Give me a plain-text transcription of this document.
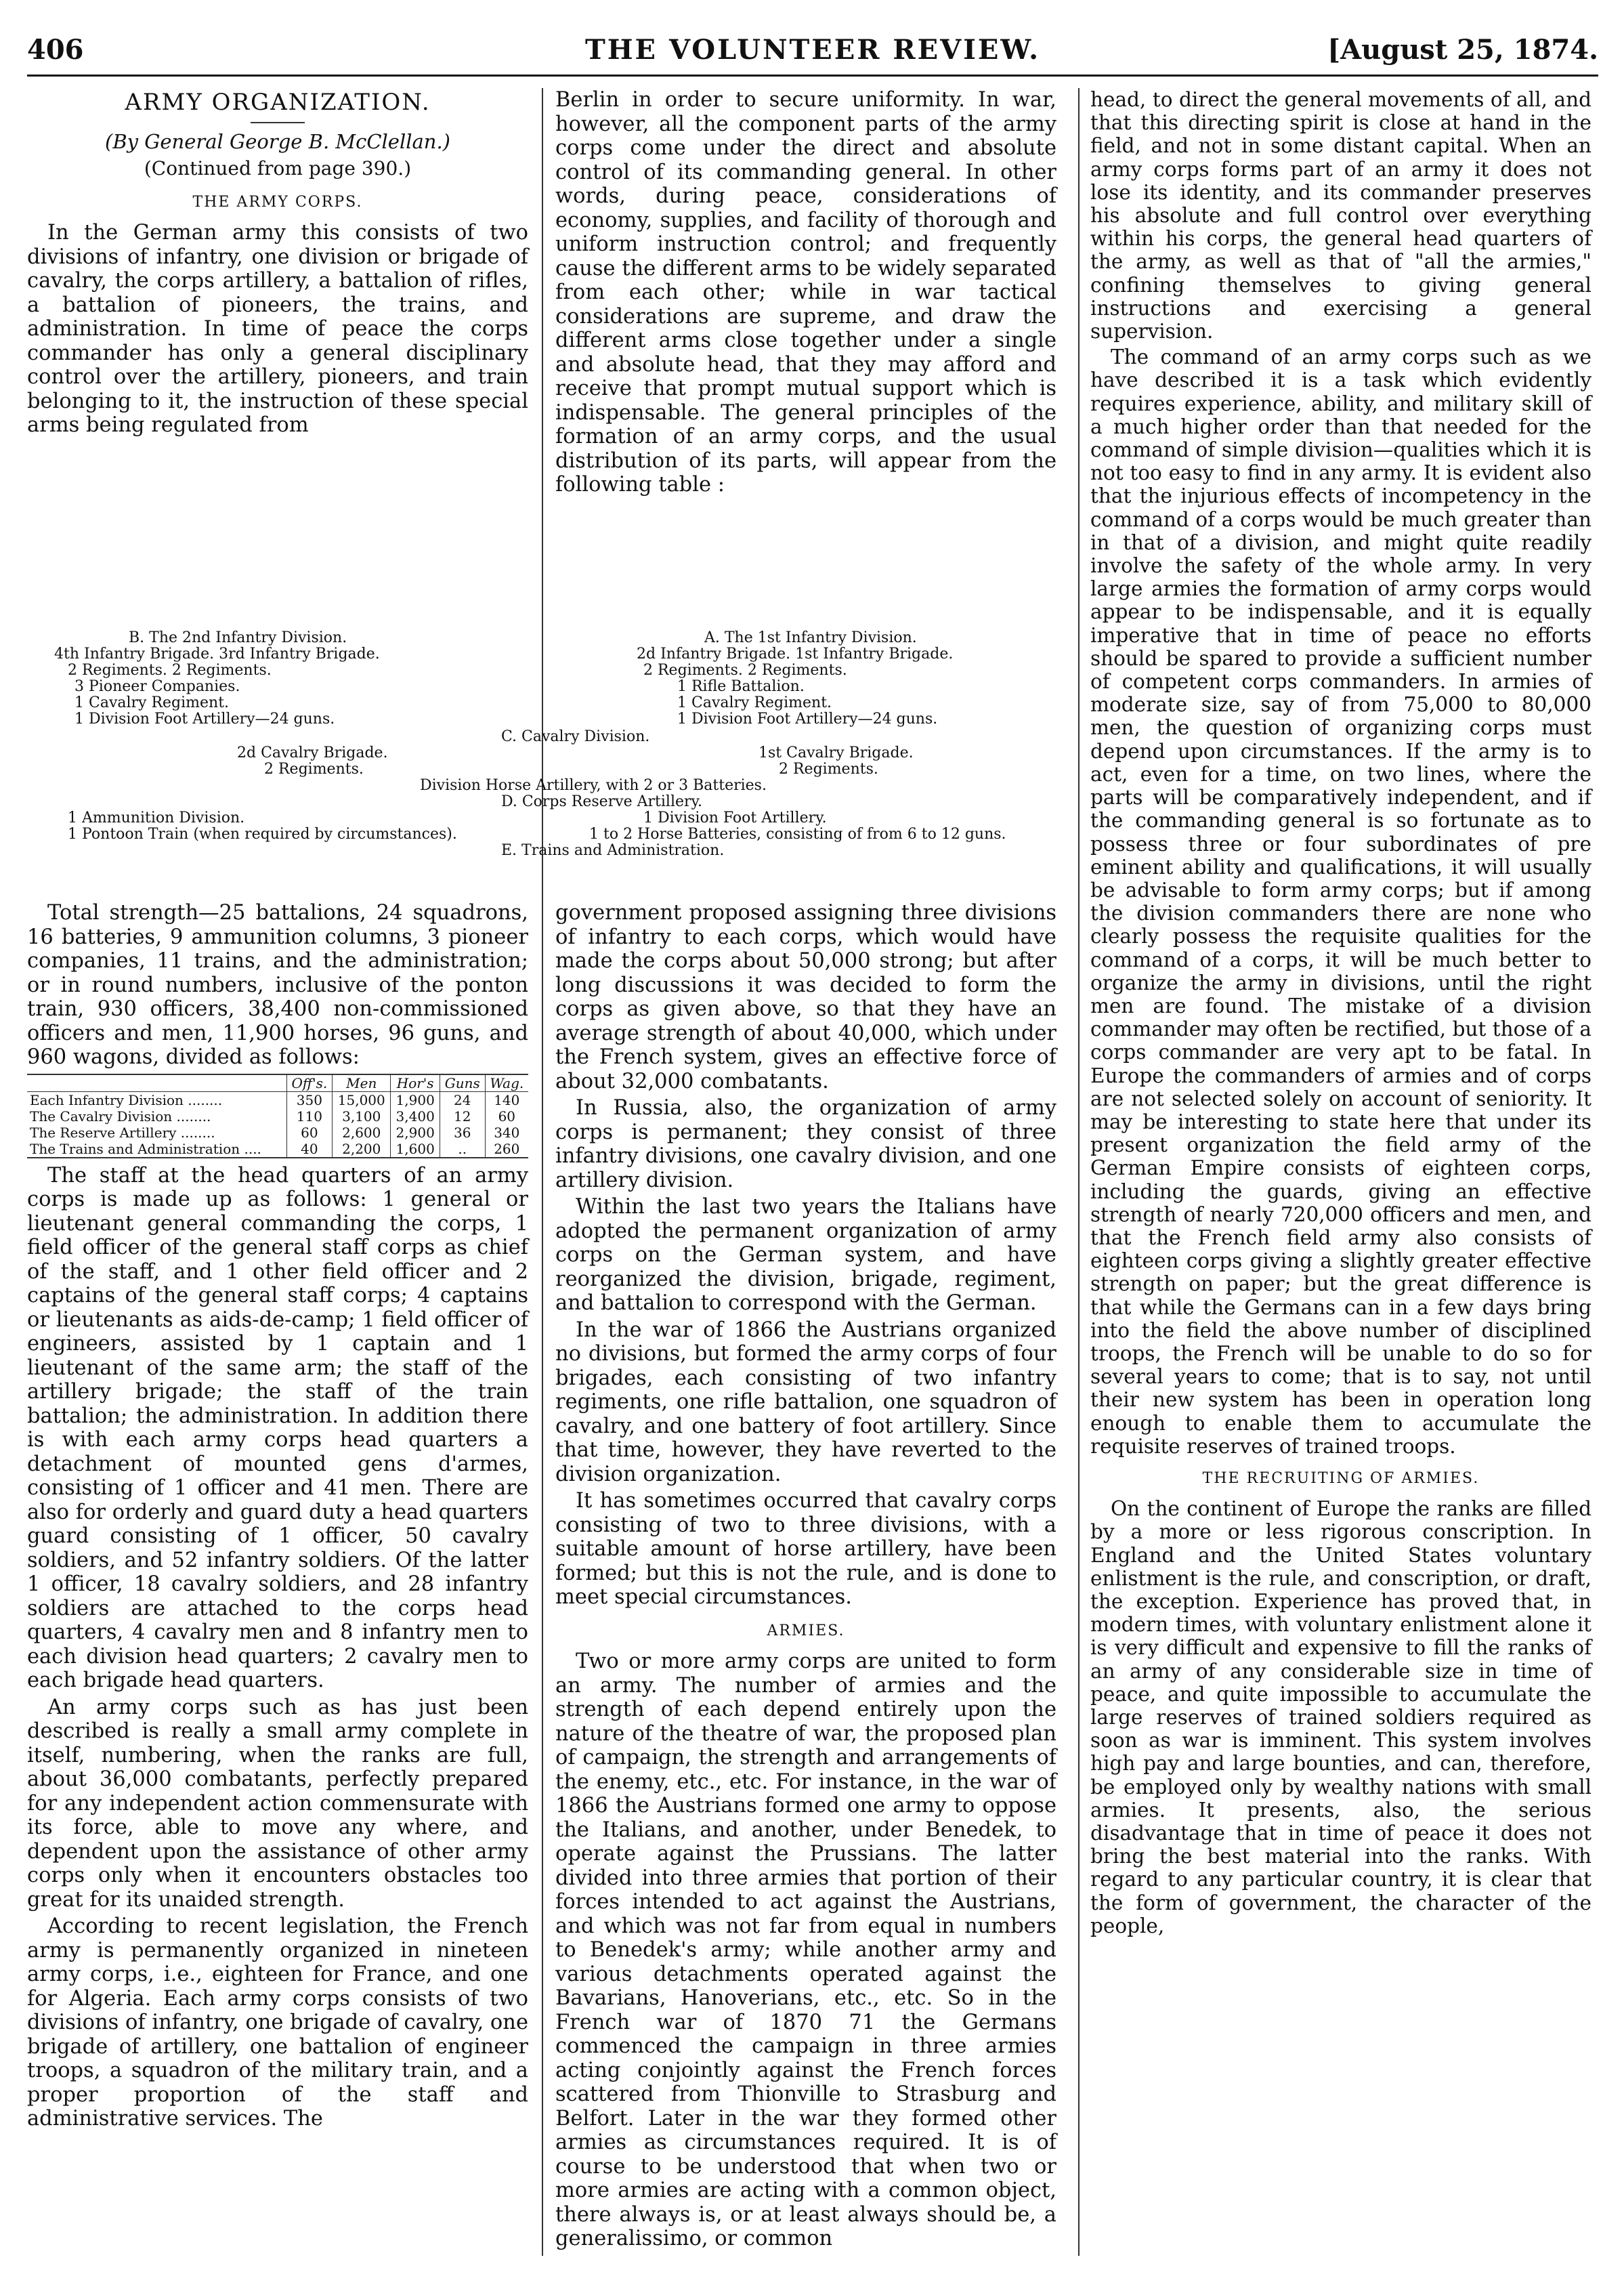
406	THE VOLUNTEER REVIEW.	[August 25, 1874.

ARMY ORGANIZATION.

(By General George B. McClellan.)

(Continued from page 390.)

THE ARMY CORPS.

In the German army this consists of two divisions of infantry, one division or brigade of cavalry, the corps artillery, a battalion of rifles, a battalion of pioneers, the trains, and administration. In time of peace the corps commander has only a general disciplinary control over the artillery, pioneers, and train belonging to it, the instruction of these special arms being regulated from

Berlin in order to secure uniformity. In war, however, all the component parts of the army corps come under the direct and absolute control of its commanding general. In other words, during peace, considerations of economy, supplies, and facility of thorough and uniform instruction control; and frequently cause the different arms to be widely separated from each other; while in war tactical considerations are supreme, and draw the different arms close together under a single and absolute head, that they may afford and receive that prompt mutual support which is indispensable. The general principles of the formation of an army corps, and the usual distribution of its parts, will appear from the following table :

head, to direct the general movements of all, and that this directing spirit is close at hand in the field, and not in some distant capital. When an army corps forms part of an army it does not lose its identity, and its commander preserves his absolute and full control over everything within his corps, the general head quarters of the army, as well as that of "all the armies," confining themselves to giving general instructions and exercising a general supervision.

The command of an army corps such as we have described it is a task which evidently requires experience, ability, and military skill of a much higher order than that needed for the command of simple division—qualities which it is not too easy to find in any army. It is evident also that the injurious effects of incompetency in the command of a corps would be much greater than in that of a division, and might quite readily involve the safety of the whole army. In very large armies the formation of army corps would appear to be indispensable, and it is equally imperative that in time of peace no efforts should be spared to provide a sufficient number of competent corps commanders. In armies of moderate size, say of from 75,000 to 80,000 men, the question of organizing corps must depend upon circumstances. If the army is to act, even for a time, on two lines, where the parts will be comparatively independent, and if the commanding general is so fortunate as to possess three or four subordinates of pre eminent ability and qualifications, it will usually be advisable to form army corps; but if among the division commanders there are none who clearly possess the requisite qualities for the command of a corps, it will be much better to organize the army in divisions, until the right men are found. The mistake of a division commander may often be rectified, but those of a corps commander are very apt to be fatal. In Europe the commanders of armies and of corps are not selected solely on account of seniority. It may be interesting to state here that under its present organization the field army of the German Empire consists of eighteen corps, including the guards, giving an effective strength of nearly 720,000 officers and men, and that the French field army also consists of eighteen corps giving a slightly greater effective strength on paper; but the great difference is that while the Germans can in a few days bring into the field the above number of disciplined troops, the French will be unable to do so for several years to come; that is to say, not until their new system has been in operation long enough to enable them to accumulate the requisite reserves of trained troops.

THE RECRUITING OF ARMIES.

On the continent of Europe the ranks are filled by a more or less rigorous conscription. In England and the United States voluntary enlistment is the rule, and conscription, or draft, the exception. Experience has proved that, in modern times, with voluntary enlistment alone it is very difficult and expensive to fill the ranks of an army of any considerable size in time of peace, and quite impossible to accumulate the large reserves of trained soldiers required as soon as war is imminent. This system involves high pay and large bounties, and can, therefore, be employed only by wealthy nations with small armies. It presents, also, the serious disadvantage that in time of peace it does not bring the best material into the ranks. With regard to any particular country, it is clear that the form of government, the character of the people,

B. The 2nd Infantry Division.
4th Infantry Brigade. 3rd Infantry Brigade.
2 Regiments. 2 Regiments.
3 Pioneer Companies.
1 Cavalry Regiment.
1 Division Foot Artillery—24 guns.
A. The 1st Infantry Division.
2d Infantry Brigade. 1st Infantry Brigade.
2 Regiments. 2 Regiments.
1 Rifle Battalion.
1 Cavalry Regiment.
1 Division Foot Artillery—24 guns.
C. Cavalry Division.
2d Cavalry Brigade.
2 Regiments.
1st Cavalry Brigade.
2 Regiments.
Division Horse Artillery, with 2 or 3 Batteries.
D. Corps Reserve Artillery.
1 Ammunition Division.	1 Division Foot Artillery.
1 Pontoon Train (when required by circumstances).	1 to 2 Horse Batteries, consisting of from 6 to 12 guns.
E. Trains and Administration.

Total strength—25 battalions, 24 squadrons, 16 batteries, 9 ammunition columns, 3 pioneer companies, 11 trains, and the administration; or in round numbers, inclusive of the ponton train, 930 officers, 38,400 non-commissioned officers and men, 11,900 horses, 96 guns, and 960 wagons, divided as follows:

	Off's.	Men	Hor's	Guns	Wag.
Each Infantry Division ........	350	15,000	1,900	24	140
The Cavalry Division ........	110	3,100	3,400	12	60
The Reserve Artillery ........	60	2,600	2,900	36	340
The Trains and Administration ....	40	2,200	1,600	..	260

The staff at the head quarters of an army corps is made up as follows: 1 general or lieutenant general commanding the corps, 1 field officer of the general staff corps as chief of the staff, and 1 other field officer and 2 captains of the general staff corps; 4 captains or lieutenants as aids-de-camp; 1 field officer of engineers, assisted by 1 captain and 1 lieutenant of the same arm; the staff of the artillery brigade; the staff of the train battalion; the administration. In addition there is with each army corps head quarters a detachment of mounted gens d'armes, consisting of 1 officer and 41 men. There are also for orderly and guard duty a head quarters guard consisting of 1 officer, 50 cavalry soldiers, and 52 infantry soldiers. Of the latter 1 officer, 18 cavalry soldiers, and 28 infantry soldiers are attached to the corps head quarters, 4 cavalry men and 8 infantry men to each division head quarters; 2 cavalry men to each brigade head quarters.

An army corps such as has just been described is really a small army complete in itself, numbering, when the ranks are full, about 36,000 combatants, perfectly prepared for any independent action commensurate with its force, able to move any where, and dependent upon the assistance of other army corps only when it encounters obstacles too great for its unaided strength.

According to recent legislation, the French army is permanently organized in nineteen army corps, i.e., eighteen for France, and one for Algeria. Each army corps consists of two divisions of infantry, one brigade of cavalry, one brigade of artillery, one battalion of engineer troops, a squadron of the military train, and a proper proportion of the staff and administrative services. The

government proposed assigning three divisions of infantry to each corps, which would have made the corps about 50,000 strong; but after long discussions it was decided to form the corps as given above, so that they have an average strength of about 40,000, which under the French system, gives an effective force of about 32,000 combatants.

In Russia, also, the organization of army corps is permanent; they consist of three infantry divisions, one cavalry division, and one artillery division.

Within the last two years the Italians have adopted the permanent organization of army corps on the German system, and have reorganized the division, brigade, regiment, and battalion to correspond with the German.

In the war of 1866 the Austrians organized no divisions, but formed the army corps of four brigades, each consisting of two infantry regiments, one rifle battalion, one squadron of cavalry, and one battery of foot artillery. Since that time, however, they have reverted to the division organization.

It has sometimes occurred that cavalry corps consisting of two to three divisions, with a suitable amount of horse artillery, have been formed; but this is not the rule, and is done to meet special circumstances.

ARMIES.

Two or more army corps are united to form an army. The number of armies and the strength of each depend entirely upon the nature of the theatre of war, the proposed plan of campaign, the strength and arrangements of the enemy, etc., etc. For instance, in the war of 1866 the Austrians formed one army to oppose the Italians, and another, under Benedek, to operate against the Prussians. The latter divided into three armies that portion of their forces intended to act against the Austrians, and which was not far from equal in numbers to Benedek's army; while another army and various detachments operated against the Bavarians, Hanoverians, etc., etc. So in the French war of 1870 71 the Germans commenced the campaign in three armies acting conjointly against the French forces scattered from Thionville to Strasburg and Belfort. Later in the war they formed other armies as circumstances required. It is of course to be understood that when two or more armies are acting with a common object, there always is, or at least always should be, a generalissimo, or common
